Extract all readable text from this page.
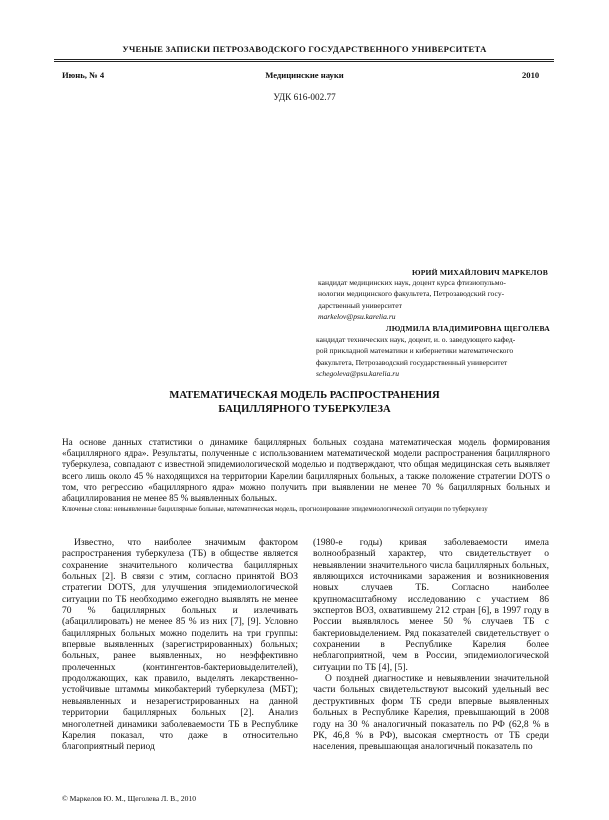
УЧЕНЫЕ ЗАПИСКИ ПЕТРОЗАВОДСКОГО ГОСУДАРСТВЕННОГО УНИВЕРСИТЕТА
Июнь, № 4	Медицинские науки	2010
УДК 616-002.77
ЮРИЙ МИХАЙЛОВИЧ МАРКЕЛОВ
кандидат медицинских наук, доцент курса фтизиопульмо-
нологии медицинского факультета, Петрозаводский госу-
дарственный университет
markelov@psu.karelia.ru
ЛЮДМИЛА ВЛАДИМИРОВНА ЩЕГОЛЕВА
кандидат технических наук, доцент, и. о. заведующего кафед-
рой прикладной математики и кибернетики математического
факультета, Петрозаводский государственный университет
schegoleva@psu.karelia.ru
МАТЕМАТИЧЕСКАЯ МОДЕЛЬ РАСПРОСТРАНЕНИЯ
БАЦИЛЛЯРНОГО ТУБЕРКУЛЕЗА
На основе данных статистики о динамике бациллярных больных создана математическая модель формирования «бациллярного ядра». Результаты, полученные с использованием математической модели распространения бациллярного туберкулеза, совпадают с известной эпидемиологической моделью и подтверждают, что общая медицинская сеть выявляет всего лишь около 45 % находящихся на территории Карелии бациллярных больных, а также положение стратегии DOTS о том, что регрессию «бациллярного ядра» можно получить при выявлении не менее 70 % бациллярных больных и абациллирования не менее 85 % выявленных больных.
Ключевые слова: невыявленные бациллярные больные, математическая модель, прогнозирование эпидемиологической ситуации по туберкулезу
Известно, что наиболее значимым фактором распространения туберкулеза (ТБ) в обществе является сохранение значительного количества бациллярных больных [2]. В связи с этим, согласно принятой ВОЗ стратегии DOTS, для улучшения эпидемиологической ситуации по ТБ необходимо ежегодно выявлять не менее 70 % бациллярных больных и излечивать (абациллировать) не менее 85 % из них [7], [9]. Условно бациллярных больных можно поделить на три группы: впервые выявленных (зарегистрированных) больных; больных, ранее выявленных, но неэффективно пролеченных (контингентов-бактериовыделителей), продолжающих, как правило, выделять лекарственно-устойчивые штаммы микобактерий туберкулеза (МБТ); невыявленных и незарегистрированных на данной территории бациллярных больных [2]. Анализ многолетней динамики заболеваемости ТБ в Республике Карелия показал, что даже в относительно благоприятный период
(1980-е годы) кривая заболеваемости имела волнообразный характер, что свидетельствует о невыявлении значительного числа бациллярных больных, являющихся источниками заражения и возникновения новых случаев ТБ. Согласно наиболее крупномасштабному исследованию с участием 86 экспертов ВОЗ, охватившему 212 стран [6], в 1997 году в России выявлялось менее 50 % случаев ТБ с бактериовыделением. Ряд показателей свидетельствует о сохранении в Республике Карелия более неблагоприятной, чем в России, эпидемиологической ситуации по ТБ [4], [5].
О поздней диагностике и невыявлении значительной части больных свидетельствуют высокий удельный вес деструктивных форм ТБ среди впервые выявленных больных в Республике Карелия, превышающий в 2008 году на 30 % аналогичный показатель по РФ (62,8 % в РК, 46,8 % в РФ), высокая смертность от ТБ среди населения, превышающая аналогичный показатель по
© Маркелов Ю. М., Щеголева Л. В., 2010
